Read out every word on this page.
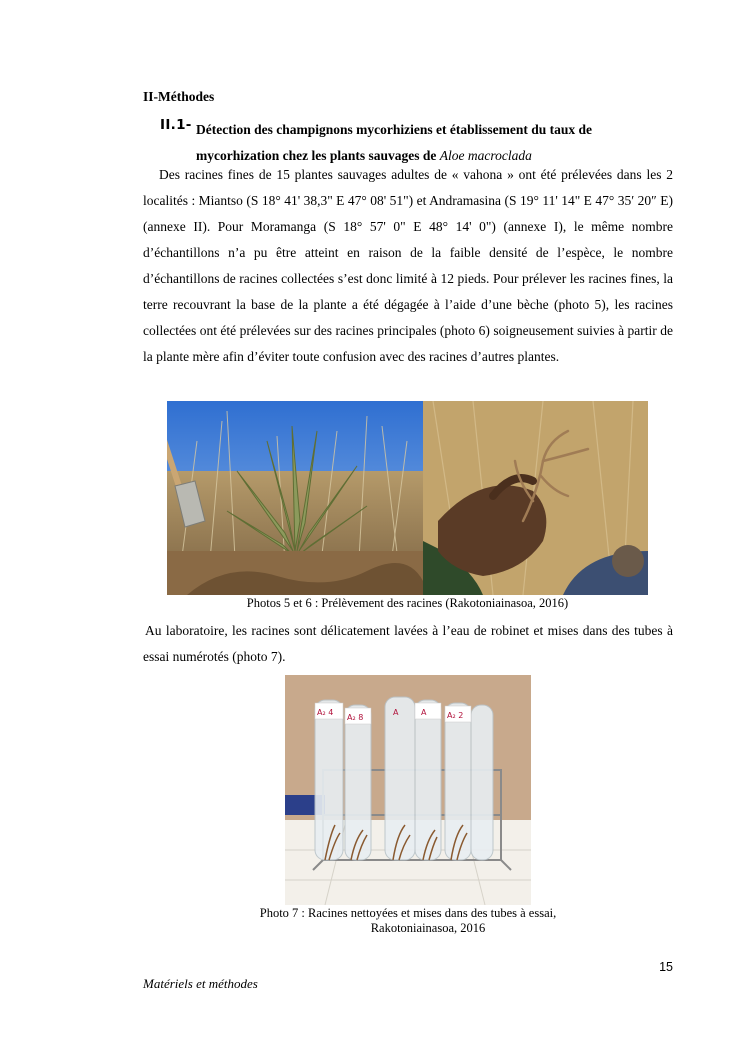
II-Méthodes
II.1- Détection des champignons mycorhiziens et établissement du taux de
mycorhization chez les plants sauvages de Aloe macroclada

Des racines fines de 15 plantes sauvages adultes de « vahona » ont été prélevées dans les 2 localités : Miantso (S 18° 41' 38,3" E 47° 08' 51") et Andramasina (S 19° 11' 14" E 47° 35′ 20″ E) (annexe II). Pour Moramanga (S 18° 57' 0" E 48° 14' 0") (annexe I), le même nombre d’échantillons n’a pu être atteint en raison de la faible densité de l’espèce, le nombre d’échantillons de racines collectées s’est donc limité à 12 pieds. Pour prélever les racines fines, la terre recouvrant la base de la plante a été dégagée à l’aide d’une bèche (photo 5), les racines collectées ont été prélevées sur des racines principales (photo 6) soigneusement suivies à partir de la plante mère afin d’éviter toute confusion avec des racines d’autres plantes.

Photos 5 et 6 : Prélèvement des racines (Rakotoniainasoa, 2016)

Au laboratoire, les racines sont délicatement lavées à l’eau de robinet et mises dans des tubes à essai numérotés (photo 7).

A₂ 4
A₂ 8
A	A	A₂ 2
Photo 7 : Racines nettoyées et mises dans des tubes à essai,
Rakotoniainasoa, 2016
15
Matériels et méthodes
